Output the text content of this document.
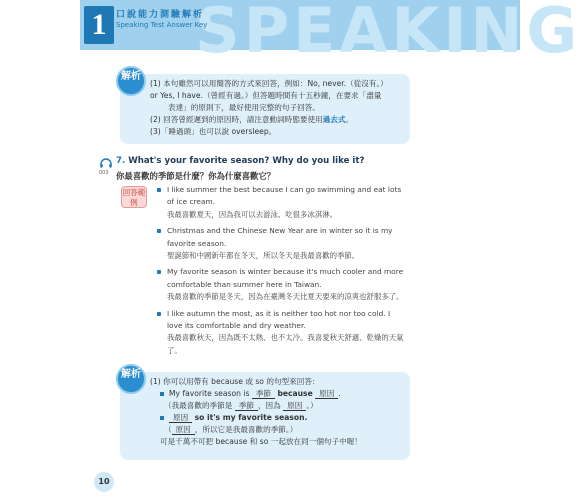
SPEAKING
口說能力測驗解析
Speaking Test Answer Key
1
解析
(1) 本句雖然可以用簡答的方式來回答，例如：No, never.（從沒有。）
or Yes, I have.（曾經有過。）但答題時間有十五秒鐘，在要求「盡量
表達」的原則下，最好使用完整的句子回答。
(2) 回答曾經遲到的原因時，請注意動詞時態要使用過去式。
(3)「睡過頭」也可以說 oversleep。
003
7. What's your favorite season? Why do you like it?
你最喜歡的季節是什麼？你為什麼喜歡它？
回答範例
I like summer the best because I can go swimming and eat lots of ice cream.
我最喜歡夏天，因為我可以去游泳、吃很多冰淇淋。
Christmas and the Chinese New Year are in winter so it is my favorite season.
聖誕節和中國新年都在冬天，所以冬天是我最喜歡的季節。
My favorite season is winter because it's much cooler and more comfortable than summer here in Taiwan.
我最喜歡的季節是冬天，因為在臺灣冬天比夏天要來的涼爽也舒服多了。
I like autumn the most, as it is neither too hot nor too cold. I love its comfortable and dry weather.
我最喜歡秋天，因為既不太熱、也不太冷。我喜愛秋天舒適、乾燥的天氣了。
解析
(1) 你可以用帶有 because 或 so 的句型來回答：
My favorite season is 季節 because 原因 .
（我最喜歡的季節是 季節 ，因為 原因 。）
原因 so it's my favorite season.
（ 原因 ，所以它是我最喜歡的季節。）
可是千萬不可把 because 和 so 一起放在同一個句子中喔！
10
